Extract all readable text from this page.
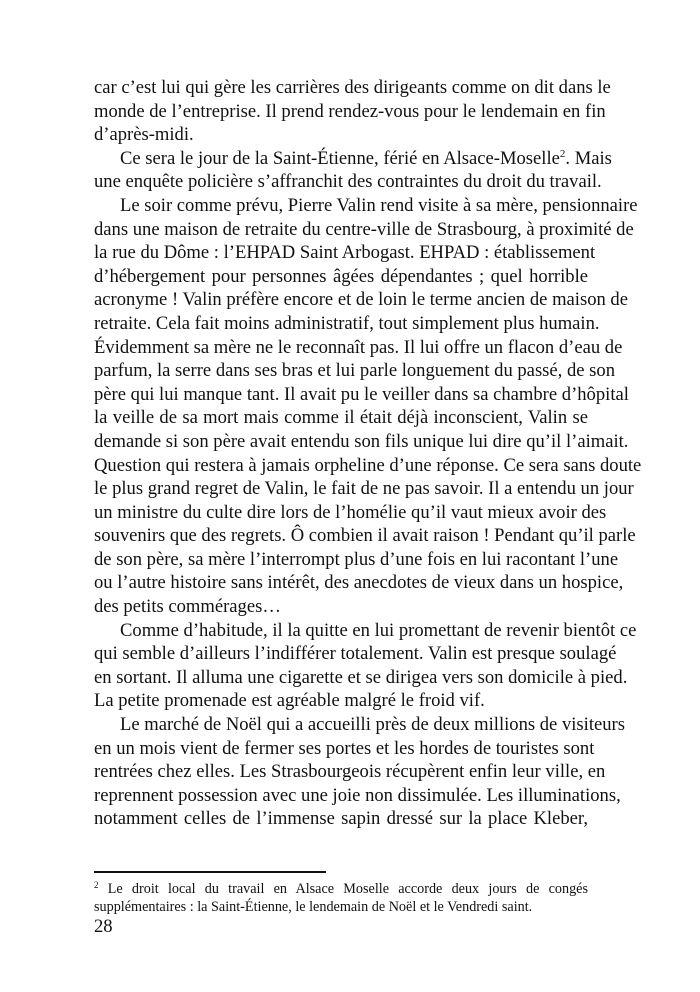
car c’est lui qui gère les carrières des dirigeants comme on dit dans le
monde de l’entreprise. Il prend rendez-vous pour le lendemain en fin
d’après-midi.
Ce sera le jour de la Saint-Étienne, férié en Alsace-Moselle$^2$. Mais
une enquête policière s’affranchit des contraintes du droit du travail.
Le soir comme prévu, Pierre Valin rend visite à sa mère, pensionnaire
dans une maison de retraite du centre-ville de Strasbourg, à proximité de
la rue du Dôme : l’EHPAD Saint Arbogast. EHPAD : établissement
d’hébergement pour personnes âgées dépendantes ; quel horrible
acronyme ! Valin préfère encore et de loin le terme ancien de maison de
retraite. Cela fait moins administratif, tout simplement plus humain.
Évidemment sa mère ne le reconnaît pas. Il lui offre un flacon d’eau de
parfum, la serre dans ses bras et lui parle longuement du passé, de son
père qui lui manque tant. Il avait pu le veiller dans sa chambre d’hôpital
la veille de sa mort mais comme il était déjà inconscient, Valin se
demande si son père avait entendu son fils unique lui dire qu’il l’aimait.
Question qui restera à jamais orpheline d’une réponse. Ce sera sans doute
le plus grand regret de Valin, le fait de ne pas savoir. Il a entendu un jour
un ministre du culte dire lors de l’homélie qu’il vaut mieux avoir des
souvenirs que des regrets. Ô combien il avait raison ! Pendant qu’il parle
de son père, sa mère l’interrompt plus d’une fois en lui racontant l’une
ou l’autre histoire sans intérêt, des anecdotes de vieux dans un hospice,
des petits commérages…
Comme d’habitude, il la quitte en lui promettant de revenir bientôt ce
qui semble d’ailleurs l’indifférer totalement. Valin est presque soulagé
en sortant. Il alluma une cigarette et se dirigea vers son domicile à pied.
La petite promenade est agréable malgré le froid vif.
Le marché de Noël qui a accueilli près de deux millions de visiteurs
en un mois vient de fermer ses portes et les hordes de touristes sont
rentrées chez elles. Les Strasbourgeois récupèrent enfin leur ville, en
reprennent possession avec une joie non dissimulée. Les illuminations,
notamment celles de l’immense sapin dressé sur la place Kleber,
$^2$ Le droit local du travail en Alsace Moselle accorde deux jours de congés
supplémentaires : la Saint-Étienne, le lendemain de Noël et le Vendredi saint.
28
